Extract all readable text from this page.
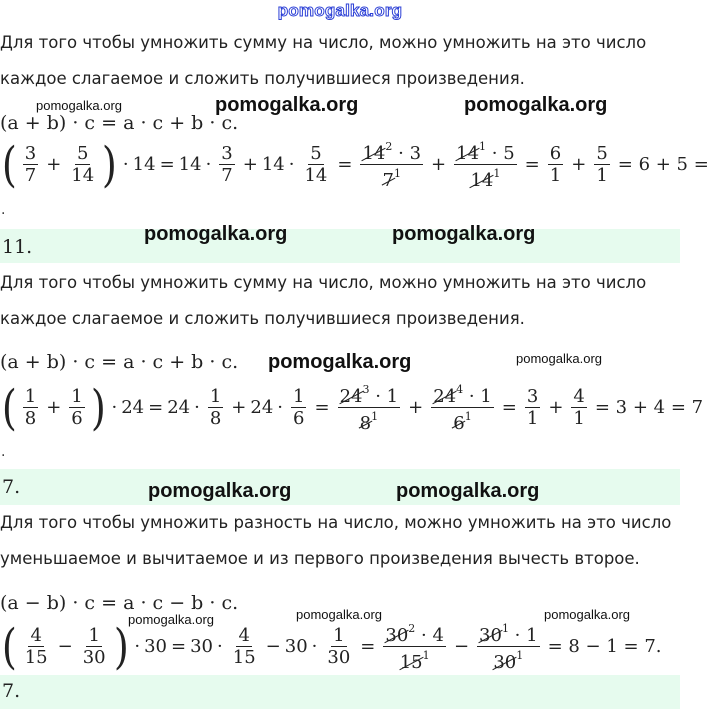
pomogalka.org
Для того чтобы умножить сумму на число, можно умножить на это число
каждое слагаемое и сложить получившиеся произведения.
(a + b) · c = a · c + b · c.
( $\frac{3}{7} + \frac{5}{14}$ ) · $14 = 14 \cdot \frac{3}{7} + 14 \cdot \frac{5}{14} = \frac{14^2 \cdot 3}{7^1} + \frac{14^1 \cdot 5}{14^1} = \frac{6}{1} + \frac{5}{1} = 6 + 5$ =
.
11.
Для того чтобы умножить сумму на число, можно умножить на это число
каждое слагаемое и сложить получившиеся произведения.
(a + b) · c = a · c + b · c.
( $\frac{1}{8} + \frac{1}{6}$ ) · $24 = 24 \cdot \frac{1}{8} + 24 \cdot \frac{1}{6} = \frac{24^3 \cdot 1}{8^1} + \frac{24^4 \cdot 1}{6^1} = \frac{3}{1} + \frac{4}{1} = 3 + 4 = 7$
.
7.
Для того чтобы умножить разность на число, можно умножить на это число
уменьшаемое и вычитаемое и из первого произведения вычесть второе.
(a − b) · c = a · c − b · c.
( $\frac{4}{15} - \frac{1}{30}$ ) · $30 = 30 \cdot \frac{4}{15} - 30 \cdot \frac{1}{30} = \frac{30^2 \cdot 4}{15^1} - \frac{30^1 \cdot 1}{30^1} = 8 - 1 = 7$.
7.
pomogalka.org	pomogalka.org	pomogalka.org
pomogalka.org	pomogalka.org
pomogalka.org	pomogalka.org
pomogalka.org	pomogalka.org
pomogalka.org
pomogalka.org	pomogalka.org
